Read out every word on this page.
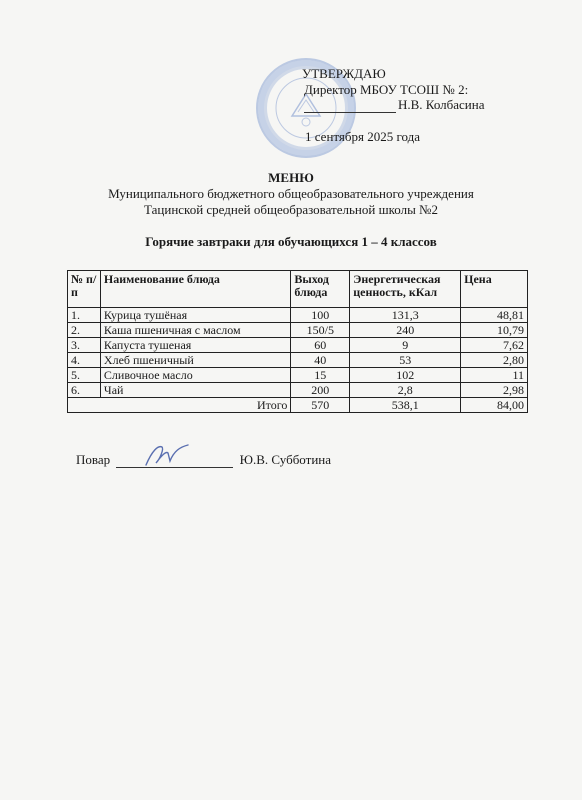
УТВЕРЖДАЮ
Директор МБОУ ТСОШ № 2:
Н.В. Колбасина
1 сентября 2025 года
МЕНЮ
Муниципального бюджетного общеобразовательного учреждения
Тацинской средней общеобразовательной школы №2
Горячие завтраки для обучающихся 1 – 4 классов
№ п/п	Наименование блюда	Выход блюда	Энергетическая ценность, кКал	Цена
1.	Курица тушёная	100	131,3	48,81
2.	Каша пшеничная с маслом	150/5	240	10,79
3.	Капуста тушеная	60	9	7,62
4.	Хлеб пшеничный	40	53	2,80
5.	Сливочное масло	15	102	11
6.	Чай	200	2,8	2,98
Итого		570	538,1	84,00
Повар	Ю.В. Субботина
